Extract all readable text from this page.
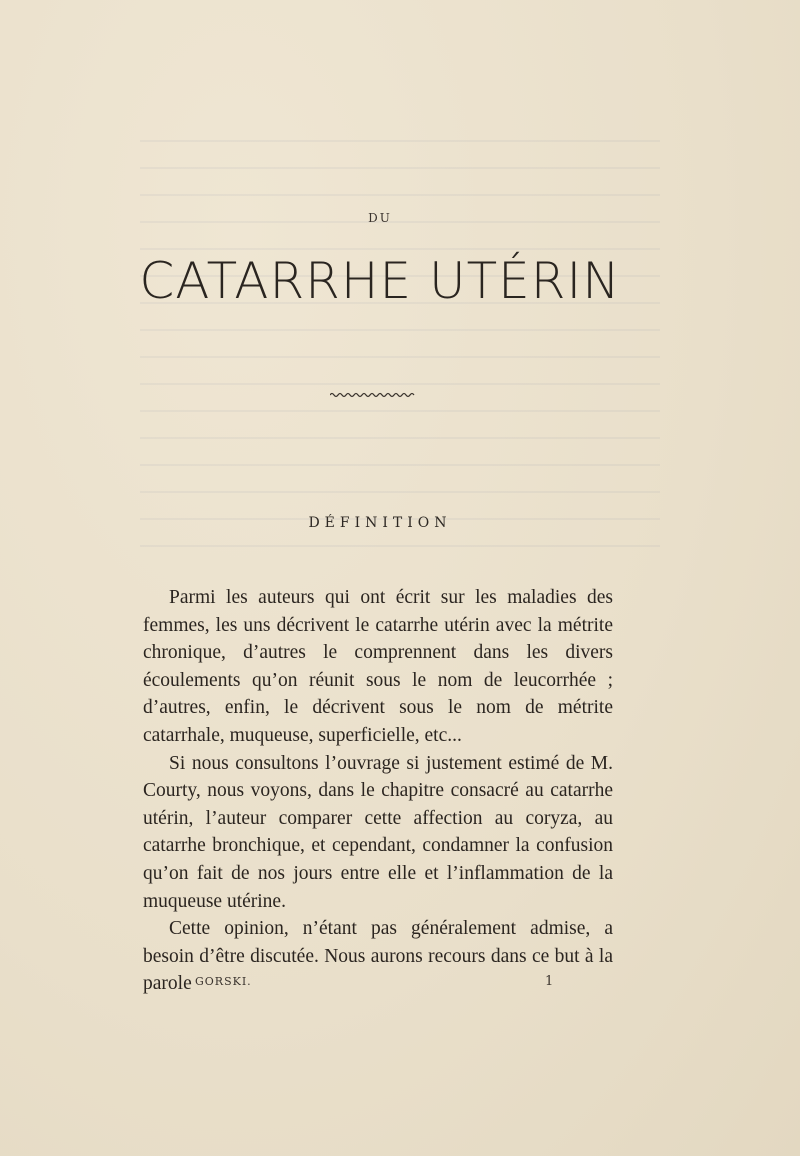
DU
CATARRHE UTÉRIN
DÉFINITION

Parmi les auteurs qui ont écrit sur les maladies des femmes, les uns décrivent le catarrhe utérin avec la métrite chronique, d’autres le comprennent dans les divers écoulements qu’on réunit sous le nom de leucorrhée ; d’autres, enfin, le décrivent sous le nom de métrite catarrhale, muqueuse, superficielle, etc...

Si nous consultons l’ouvrage si justement estimé de M. Courty, nous voyons, dans le chapitre consacré au catarrhe utérin, l’auteur comparer cette affection au coryza, au catarrhe bronchique, et cependant, condamner la confusion qu’on fait de nos jours entre elle et l’inflammation de la muqueuse utérine.

Cette opinion, n’étant pas généralement admise, a besoin d’être discutée. Nous aurons recours dans ce but à la parole GORSKI.	1
